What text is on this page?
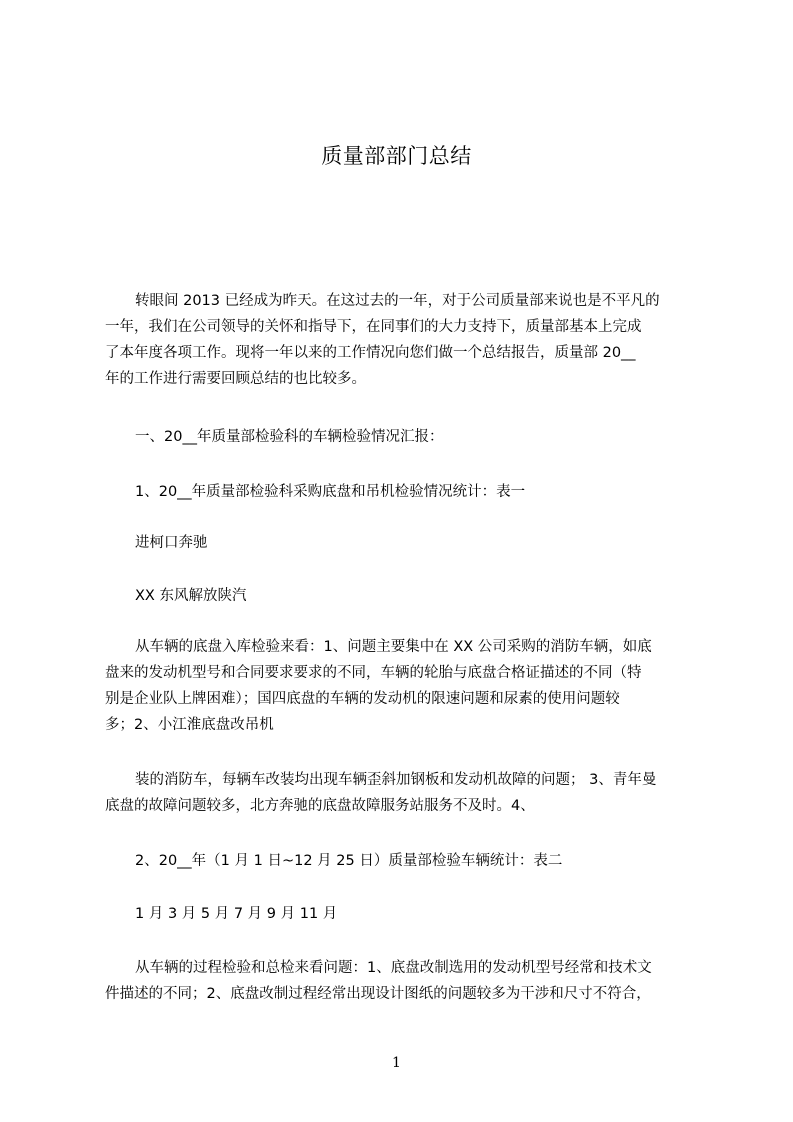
质量部部门总结
转眼间 2013 已经成为昨天。在这过去的一年，对于公司质量部来说也是不平凡的
一年，我们在公司领导的关怀和指导下，在同事们的大力支持下，质量部基本上完成
了本年度各项工作。现将一年以来的工作情况向您们做一个总结报告，质量部 20__
年的工作进行需要回顾总结的也比较多。
一、20__年质量部检验科的车辆检验情况汇报：
1、20__年质量部检验科采购底盘和吊机检验情况统计：表一
进柯口奔驰
XX 东风解放陕汽
从车辆的底盘入库检验来看：1、问题主要集中在 XX 公司采购的消防车辆，如底
盘来的发动机型号和合同要求要求的不同，车辆的轮胎与底盘合格证描述的不同（特
别是企业队上牌困难）；国四底盘的车辆的发动机的限速问题和尿素的使用问题较
多；2、小江淮底盘改吊机
装的消防车，每辆车改装均出现车辆歪斜加钢板和发动机故障的问题； 3、青年曼
底盘的故障问题较多，北方奔驰的底盘故障服务站服务不及时。4、
2、20__年（1 月 1 日~12 月 25 日）质量部检验车辆统计：表二
1 月 3 月 5 月 7 月 9 月 11 月
从车辆的过程检验和总检来看问题：1、底盘改制选用的发动机型号经常和技术文
件描述的不同；2、底盘改制过程经常出现设计图纸的问题较多为干涉和尺寸不符合，
1
